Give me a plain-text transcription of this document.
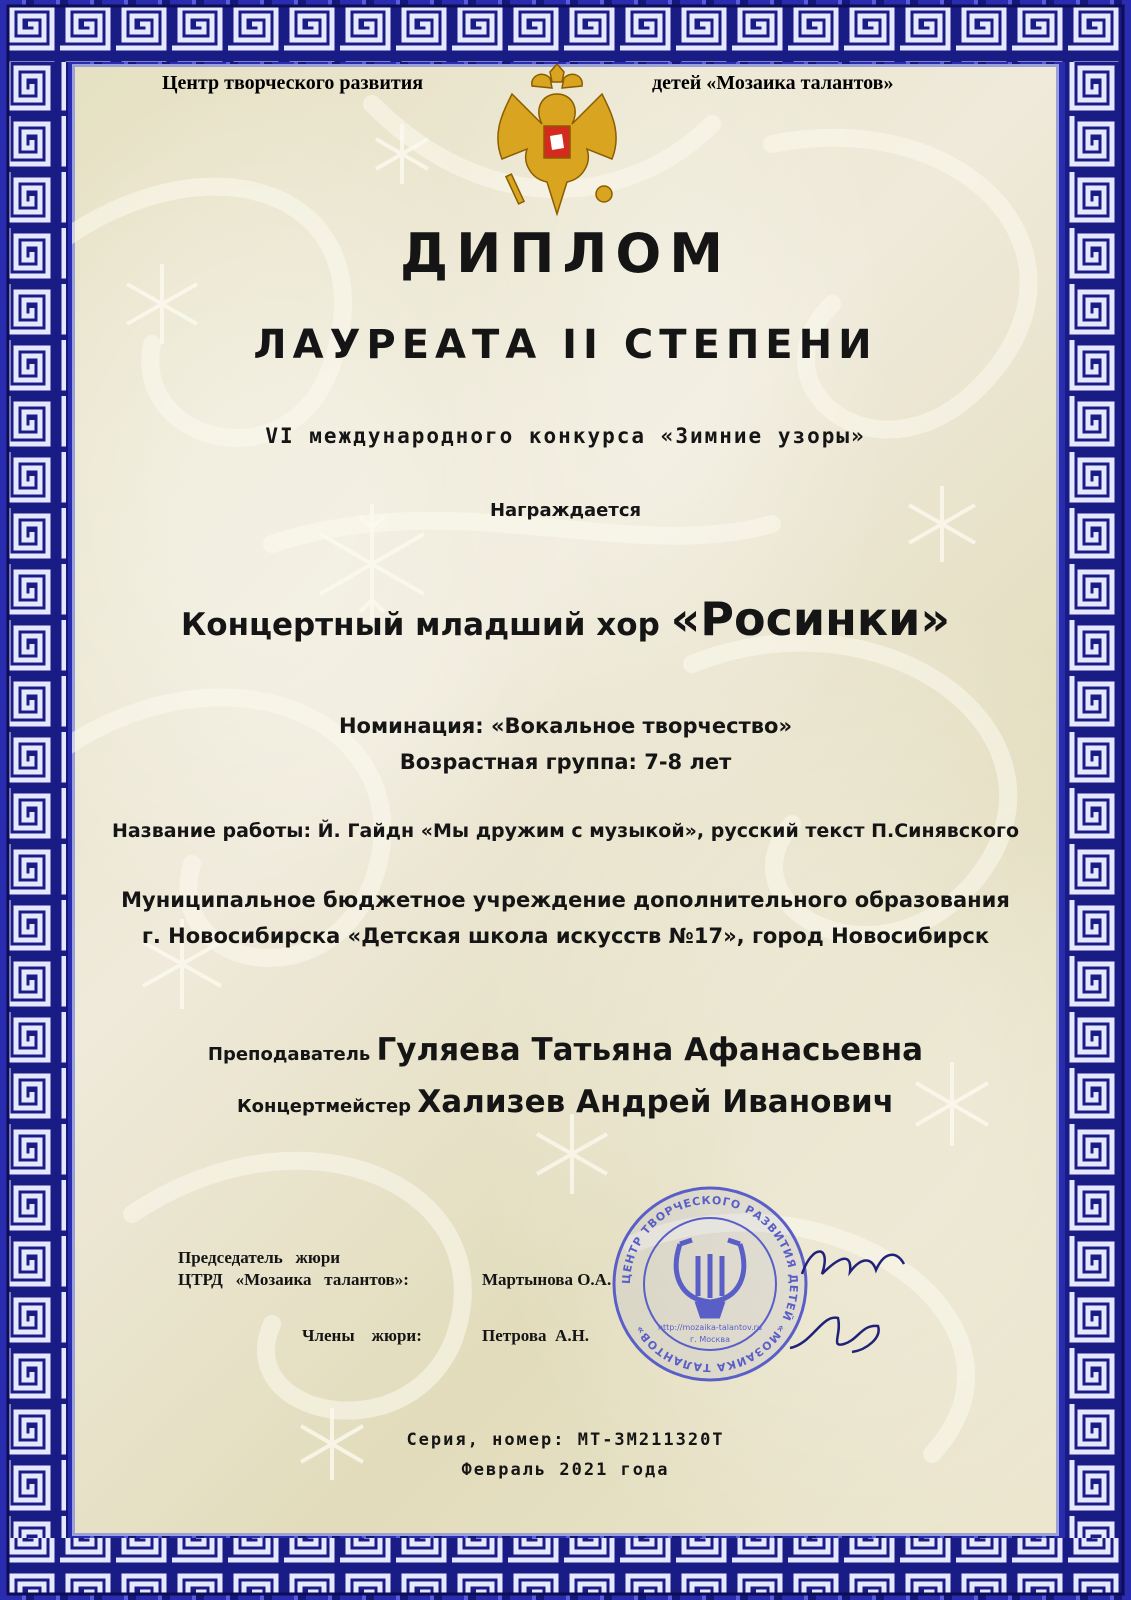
Центр творческого развития	детей «Мозаика талантов»
ДИПЛОМ
ЛАУРЕАТА II СТЕПЕНИ
VI международного конкурса «Зимние узоры»
Награждается
Концертный младший хор «Росинки»
Номинация: «Вокальное творчество»
Возрастная группа: 7-8 лет
Название работы: Й. Гайдн «Мы дружим с музыкой», русский текст П.Синявского
Муниципальное бюджетное учреждение дополнительного образования
г. Новосибирска «Детская школа искусств №17», город Новосибирск
Преподаватель Гуляева Татьяна Афанасьевна
Концертмейстер Хализев Андрей Иванович
Председатель   жюри
ЦТРД   «Мозаика   талантов»:	Мартынова О.А.
Члены    жюри:	Петрова  А.Н.
ЦЕНТР ТВОРЧЕСКОГО РАЗВИТИЯ ДЕТЕЙ «МОЗАИКА ТАЛАНТОВ»	http://mozaika-talantov.ru
г. Москва
Серия, номер: МТ-ЗМ211320Т
Февраль 2021 года
